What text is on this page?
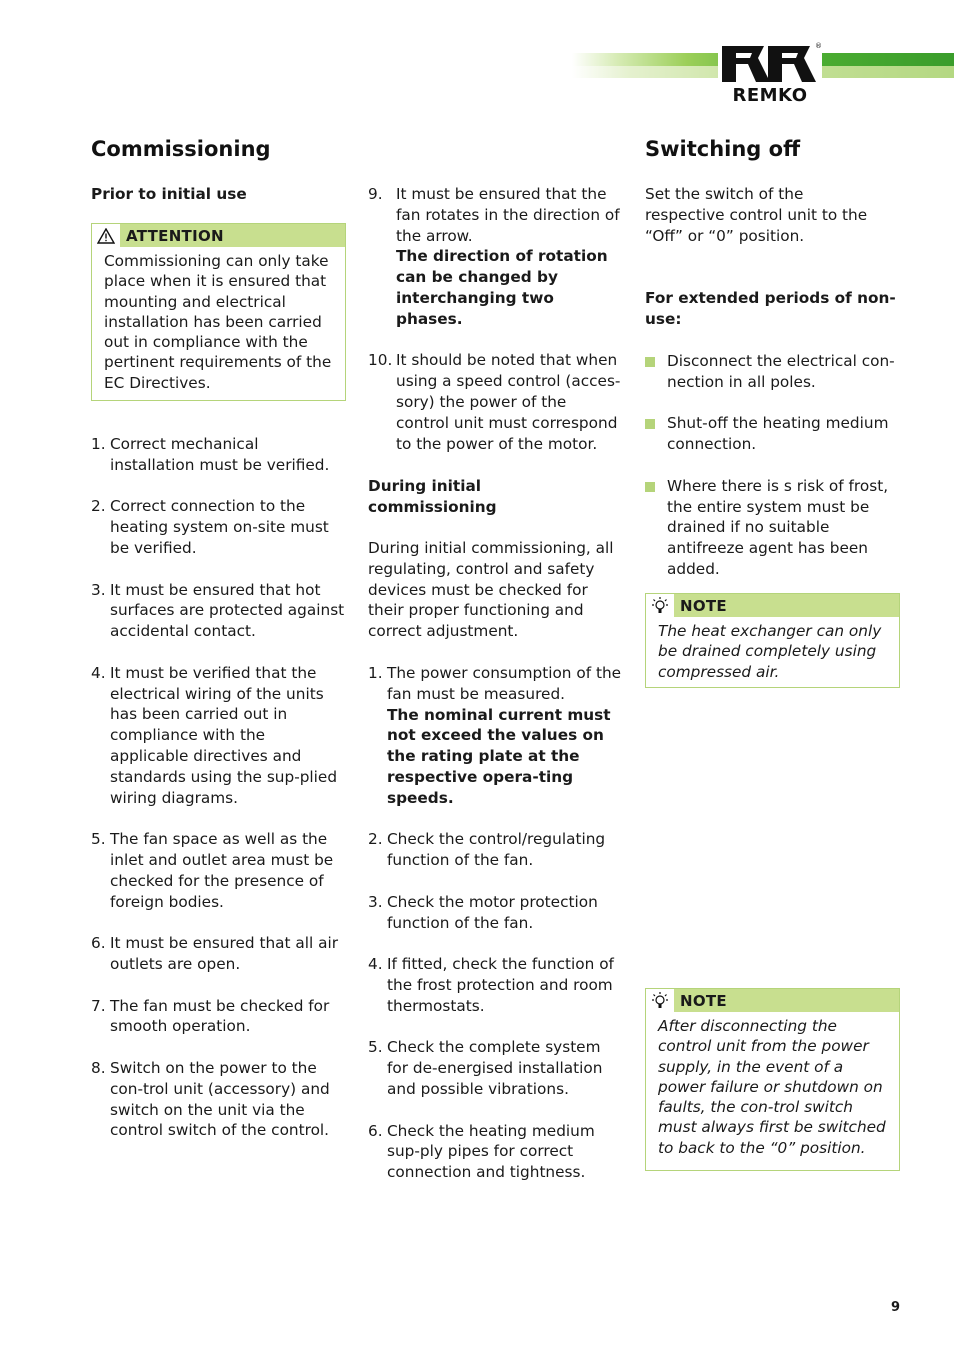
REMKO
®
Commissioning
Prior to initial use
ATTENTION
Commissioning can only take place when it is ensured that mounting and electrical installation has been carried out in compliance with the pertinent requirements of the EC Directives.
1. Correct mechanical installation must be verified.

2. Correct connection to the heating system on-site must be verified.

3. It must be ensured that hot surfaces are protected against accidental contact.

4. It must be verified that the electrical wiring of the units has been carried out in compliance with the applicable directives and standards using the sup-plied wiring diagrams.

5. The fan space as well as the inlet and outlet area must be checked for the presence of foreign bodies.

6. It must be ensured that all air outlets are open.

7. The fan must be checked for smooth operation.

8. Switch on the power to the con-trol unit (accessory) and switch on the unit via the control switch of the control.

9. It must be ensured that the fan rotates in the direction of the arrow.

The direction of rotation can be changed by interchanging two phases.

10. It should be noted that when using a speed control (acces-sory) the power of the control unit must correspond to the power of the motor.

During initial commissioning
During initial commissioning, all regulating, control and safety devices must be checked for their proper functioning and correct adjustment.
1. The power consumption of the fan must be measured.

The nominal current must not exceed the values on the rating plate at the respective opera-ting speeds.

2. Check the control/regulating function of the fan.

3. Check the motor protection function of the fan.

4. If fitted, check the function of the frost protection and room thermostats.

5. Check the complete system for de-energised installation and possible vibrations.

6. Check the heating medium sup-ply pipes for correct connection and tightness.

Switching off
Set the switch of the respective control unit to the “Off” or “0” position.
For extended periods of non-use:
Disconnect the electrical con-nection in all poles.
Shut-off the heating medium connection.
Where there is s risk of frost, the entire system must be drained if no suitable antifreeze agent has been added.
NOTE
The heat exchanger can only be drained completely using compressed air.
NOTE
After disconnecting the control unit from the power supply, in the event of a power failure or shutdown on faults, the con-trol switch must always first be switched to back to the “0” position.
9
